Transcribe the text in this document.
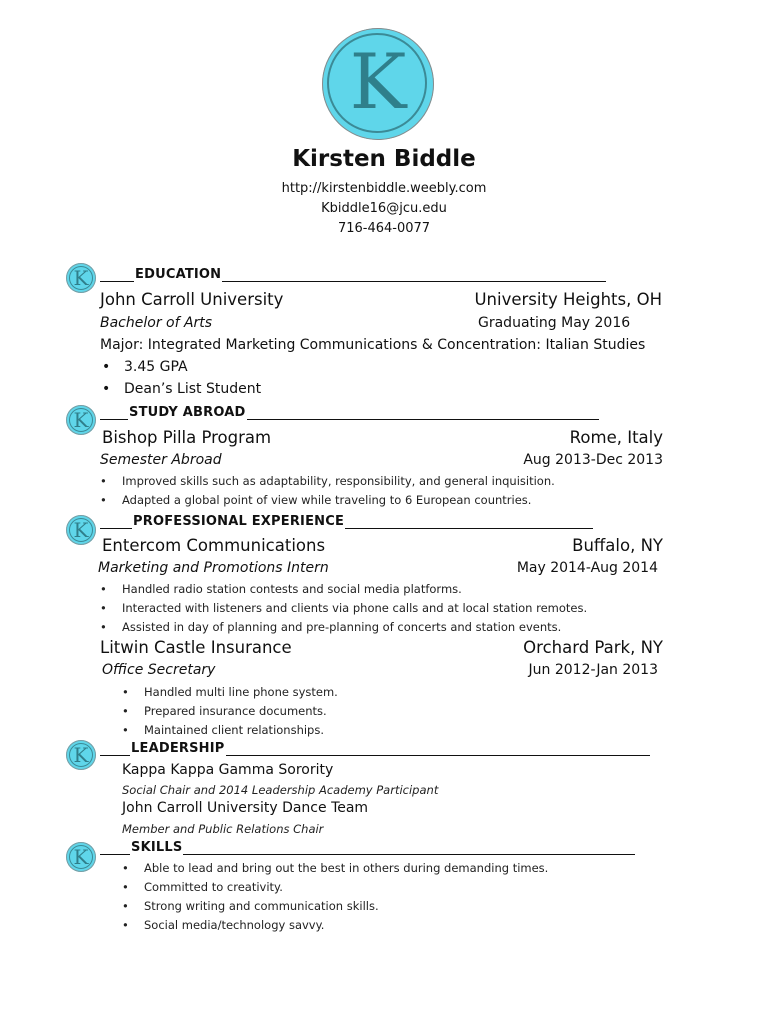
K
Kirsten Biddle
http://kirstenbiddle.weebly.com
Kbiddle16@jcu.edu
716-464-0077
K	EDUCATION
John Carroll University	University Heights, OH
Bachelor of Arts	Graduating May 2016
Major: Integrated Marketing Communications & Concentration: Italian Studies
• 3.45 GPA
• Dean’s List Student
K	STUDY ABROAD
Bishop Pilla Program	Rome, Italy
Semester Abroad	Aug 2013-Dec 2013
• Improved skills such as adaptability, responsibility, and general inquisition.
• Adapted a global point of view while traveling to 6 European countries.
K	PROFESSIONAL EXPERIENCE
Entercom Communications	Buffalo, NY
Marketing and Promotions Intern	May 2014-Aug 2014
• Handled radio station contests and social media platforms.
• Interacted with listeners and clients via phone calls and at local station remotes.
• Assisted in day of planning and pre-planning of concerts and station events.
Litwin Castle Insurance	Orchard Park, NY
Office Secretary	Jun 2012-Jan 2013
• Handled multi line phone system.
• Prepared insurance documents.
• Maintained client relationships.
K	LEADERSHIP
Kappa Kappa Gamma Sorority
Social Chair and 2014 Leadership Academy Participant
John Carroll University Dance Team
Member and Public Relations Chair
K	SKILLS
• Able to lead and bring out the best in others during demanding times.
• Committed to creativity.
• Strong writing and communication skills.
• Social media/technology savvy.
